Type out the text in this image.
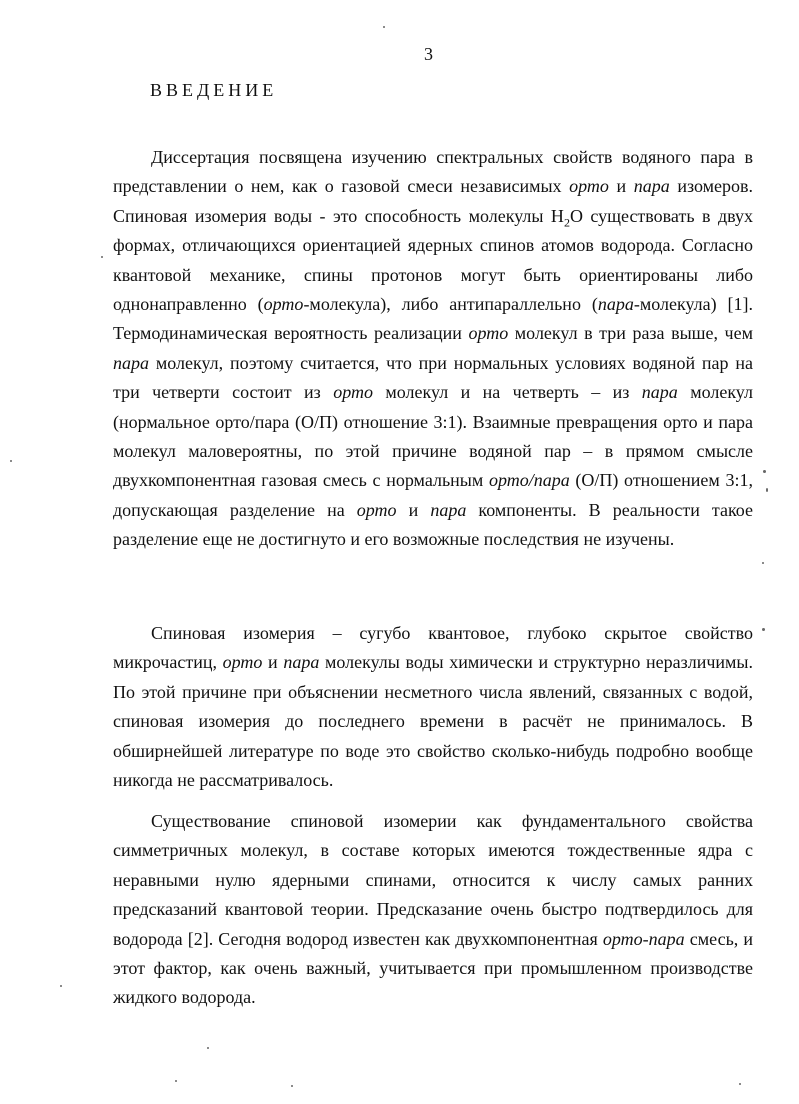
3
ВВЕДЕНИЕ

Диссертация посвящена изучению спектральных свойств водяного пара в представлении о нем, как о газовой смеси независимых орто и пара изомеров. Спиновая изомерия воды - это способность молекулы $H_2O$ существовать в двух формах, отличающихся ориентацией ядерных спинов атомов водорода. Согласно квантовой механике, спины протонов могут быть ориентированы либо однонаправленно (орто-молекула), либо антипараллельно (пара-молекула) [1]. Термодинамическая вероятность реализации орто молекул в три раза выше, чем пара молекул, поэтому считается, что при нормальных условиях водяной пар на три четверти состоит из орто молекул и на четверть – из пара молекул (нормальное орто/пара (О/П) отношение 3:1). Взаимные превращения орто и пара молекул маловероятны, по этой причине водяной пар – в прямом смысле двухкомпонентная газовая смесь с нормальным орто/пара (О/П) отношением 3:1, допускающая разделение на орто и пара компоненты. В реальности такое разделение еще не достигнуто и его возможные последствия не изучены.

Спиновая изомерия – сугубо квантовое, глубоко скрытое свойство микрочастиц, орто и пара молекулы воды химически и структурно неразличимы. По этой причине при объяснении несметного числа явлений, связанных с водой, спиновая изомерия до последнего времени в расчёт не принималось. В обширнейшей литературе по воде это свойство сколько-нибудь подробно вообще никогда не рассматривалось.

Существование спиновой изомерии как фундаментального свойства симметричных молекул, в составе которых имеются тождественные ядра с неравными нулю ядерными спинами, относится к числу самых ранних предсказаний квантовой теории. Предсказание очень быстро подтвердилось для водорода [2]. Сегодня водород известен как двухкомпонентная орто-пара смесь, и этот фактор, как очень важный, учитывается при промышленном производстве жидкого водорода.
